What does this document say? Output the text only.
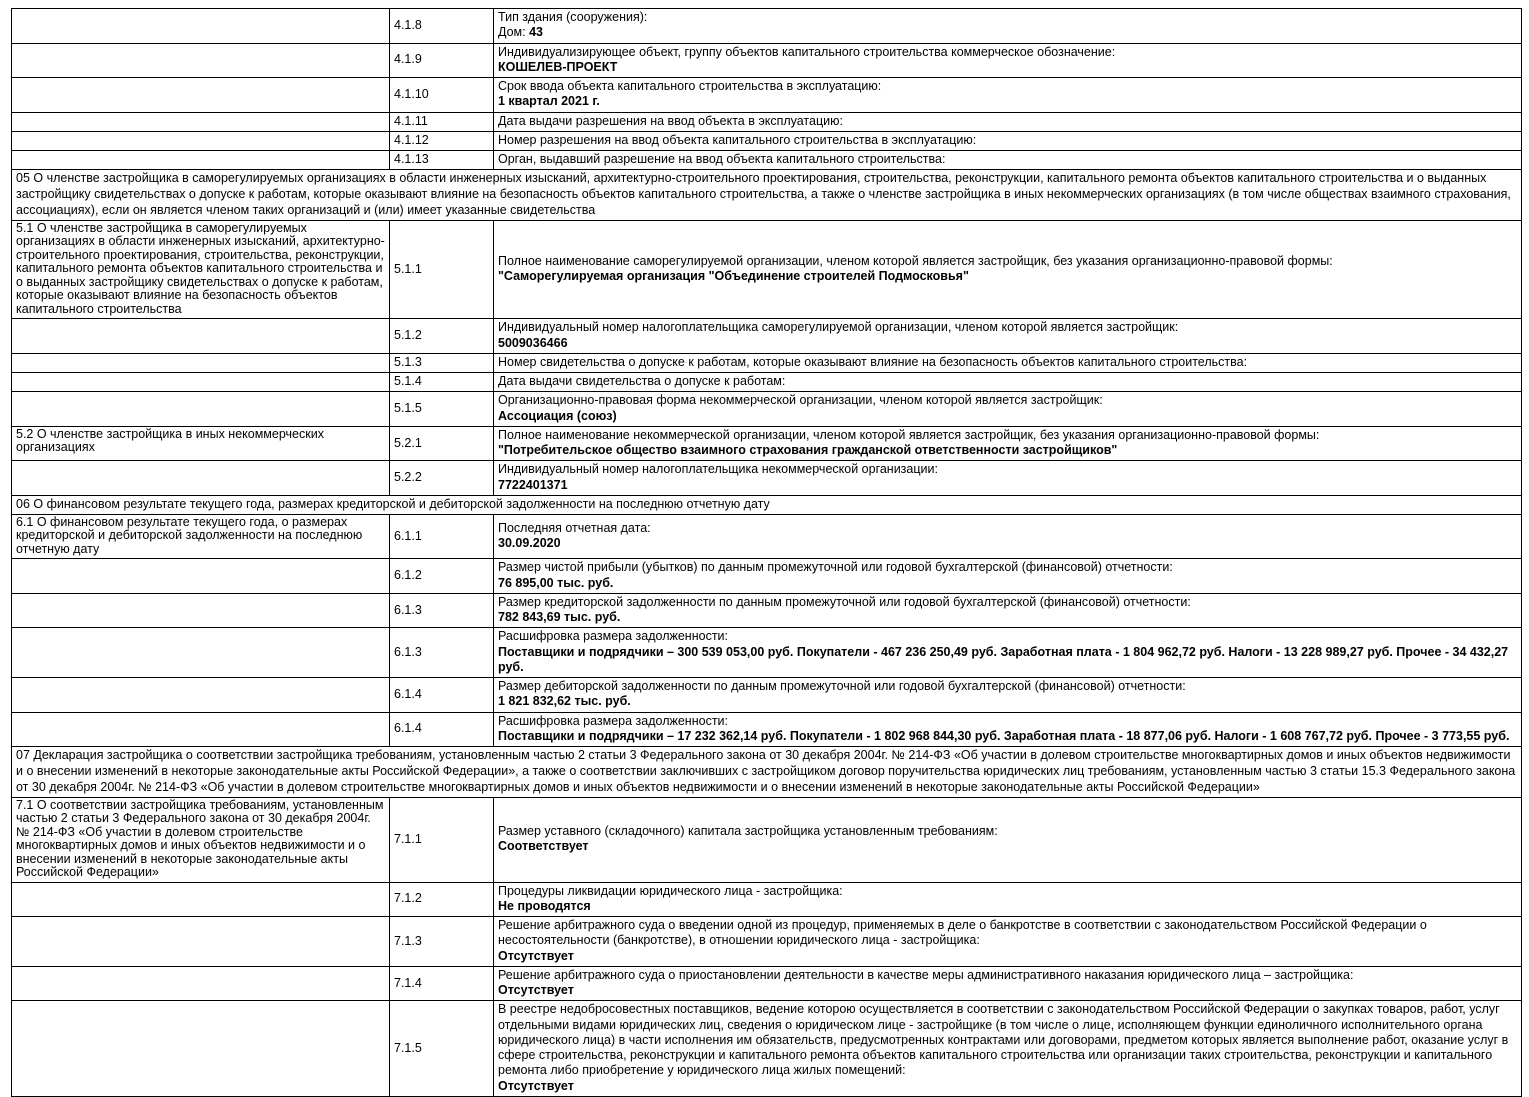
	4.1.8	Тип здания (сооружения):
Дом: 43

	4.1.9	Индивидуализирующее объект, группу объектов капитального строительства коммерческое обозначение:
КОШЕЛЕВ-ПРОЕКТ

	4.1.10	Срок ввода объекта капитального строительства в эксплуатацию:
1 квартал 2021 г.

	4.1.11	Дата выдачи разрешения на ввод объекта в эксплуатацию:

	4.1.12	Номер разрешения на ввод объекта капитального строительства в эксплуатацию:

	4.1.13	Орган, выдавший разрешение на ввод объекта капитального строительства:

05 О членстве застройщика в саморегулируемых организациях в области инженерных изысканий, архитектурно-строительного проектирования, строительства, реконструкции, капитального ремонта объектов капитального строительства и о выданных застройщику свидетельствах о допуске к работам, которые оказывают влияние на безопасность объектов капитального строительства, а также о членстве застройщика в иных некоммерческих организациях (в том числе обществах взаимного страхования, ассоциациях), если он является членом таких организаций и (или) имеет указанные свидетельства		
5.1 О членстве застройщика в саморегулируемых организациях в области инженерных изысканий, архитектурно-строительного проектирования, строительства, реконструкции, капитального ремонта объектов капитального строительства и о выданных застройщику свидетельствах о допуске к работам, которые оказывают влияние на безопасность объектов капитального строительства	5.1.1	Полное наименование саморегулируемой организации, членом которой является застройщик, без указания организационно-правовой формы:
"Саморегулируемая организация "Объединение строителей Подмосковья"

	5.1.2	Индивидуальный номер налогоплательщика саморегулируемой организации, членом которой является застройщик:
5009036466

	5.1.3	Номер свидетельства о допуске к работам, которые оказывают влияние на безопасность объектов капитального строительства:

	5.1.4	Дата выдачи свидетельства о допуске к работам:

	5.1.5	Организационно-правовая форма некоммерческой организации, членом которой является застройщик:
Ассоциация (союз)

5.2 О членстве застройщика в иных некоммерческих организациях	5.2.1	Полное наименование некоммерческой организации, членом которой является застройщик, без указания организационно-правовой формы:
"Потребительское общество взаимного страхования гражданской ответственности застройщиков"

	5.2.2	Индивидуальный номер налогоплательщика некоммерческой организации:
7722401371

06 О финансовом результате текущего года, размерах кредиторской и дебиторской задолженности на последнюю отчетную дату		
6.1 О финансовом результате текущего года, о размерах кредиторской и дебиторской задолженности на последнюю отчетную дату	6.1.1	Последняя отчетная дата:
30.09.2020

	6.1.2	Размер чистой прибыли (убытков) по данным промежуточной или годовой бухгалтерской (финансовой) отчетности:
76 895,00 тыс. руб.

	6.1.3	Размер кредиторской задолженности по данным промежуточной или годовой бухгалтерской (финансовой) отчетности:
782 843,69 тыс. руб.

	6.1.3	Расшифровка размера задолженности:
Поставщики и подрядчики – 300 539 053,00 руб. Покупатели - 467 236 250,49 руб. Заработная плата - 1 804 962,72 руб. Налоги - 13 228 989,27 руб. Прочее - 34 432,27 руб.

	6.1.4	Размер дебиторской задолженности по данным промежуточной или годовой бухгалтерской (финансовой) отчетности:
1 821 832,62 тыс. руб.

	6.1.4	Расшифровка размера задолженности:
Поставщики и подрядчики – 17 232 362,14 руб. Покупатели - 1 802 968 844,30 руб. Заработная плата - 18 877,06 руб. Налоги - 1 608 767,72 руб. Прочее - 3 773,55 руб.

07 Декларация застройщика о соответствии застройщика требованиям, установленным частью 2 статьи 3 Федерального закона от 30 декабря 2004г. № 214-ФЗ «Об участии в долевом строительстве многоквартирных домов и иных объектов недвижимости и о внесении изменений в некоторые законодательные акты Российской Федерации», а также о соответствии заключивших с застройщиком договор поручительства юридических лиц требованиям, установленным частью 3 статьи 15.3 Федерального закона от 30 декабря 2004г. № 214-ФЗ «Об участии в долевом строительстве многоквартирных домов и иных объектов недвижимости и о внесении изменений в некоторые законодательные акты Российской Федерации»		
7.1 О соответствии застройщика требованиям, установленным частью 2 статьи 3 Федерального закона от 30 декабря 2004г. № 214-ФЗ «Об участии в долевом строительстве многоквартирных домов и иных объектов недвижимости и о внесении изменений в некоторые законодательные акты Российской Федерации»	7.1.1	Размер уставного (складочного) капитала застройщика установленным требованиям:
Соответствует

	7.1.2	Процедуры ликвидации юридического лица - застройщика:
Не проводятся

	7.1.3	Решение арбитражного суда о введении одной из процедур, применяемых в деле о банкротстве в соответствии с законодательством Российской Федерации о несостоятельности (банкротстве), в отношении юридического лица - застройщика:
Отсутствует

	7.1.4	Решение арбитражного суда о приостановлении деятельности в качестве меры административного наказания юридического лица – застройщика:
Отсутствует

	7.1.5	В реестре недобросовестных поставщиков, ведение которою осуществляется в соответствии с законодательством Российской Федерации о закупках товаров, работ, услуг отдельными видами юридических лиц, сведения о юридическом лице - застройщике (в том числе о лице, исполняющем функции единоличного исполнительного органа юридического лица) в части исполнения им обязательств, предусмотренных контрактами или договорами, предметом которых является выполнение работ, оказание услуг в сфере строительства, реконструкции и капитального ремонта объектов капитального строительства или организации таких строительства, реконструкции и капитального ремонта либо приобретение у юридического лица жилых помещений:
Отсутствует
